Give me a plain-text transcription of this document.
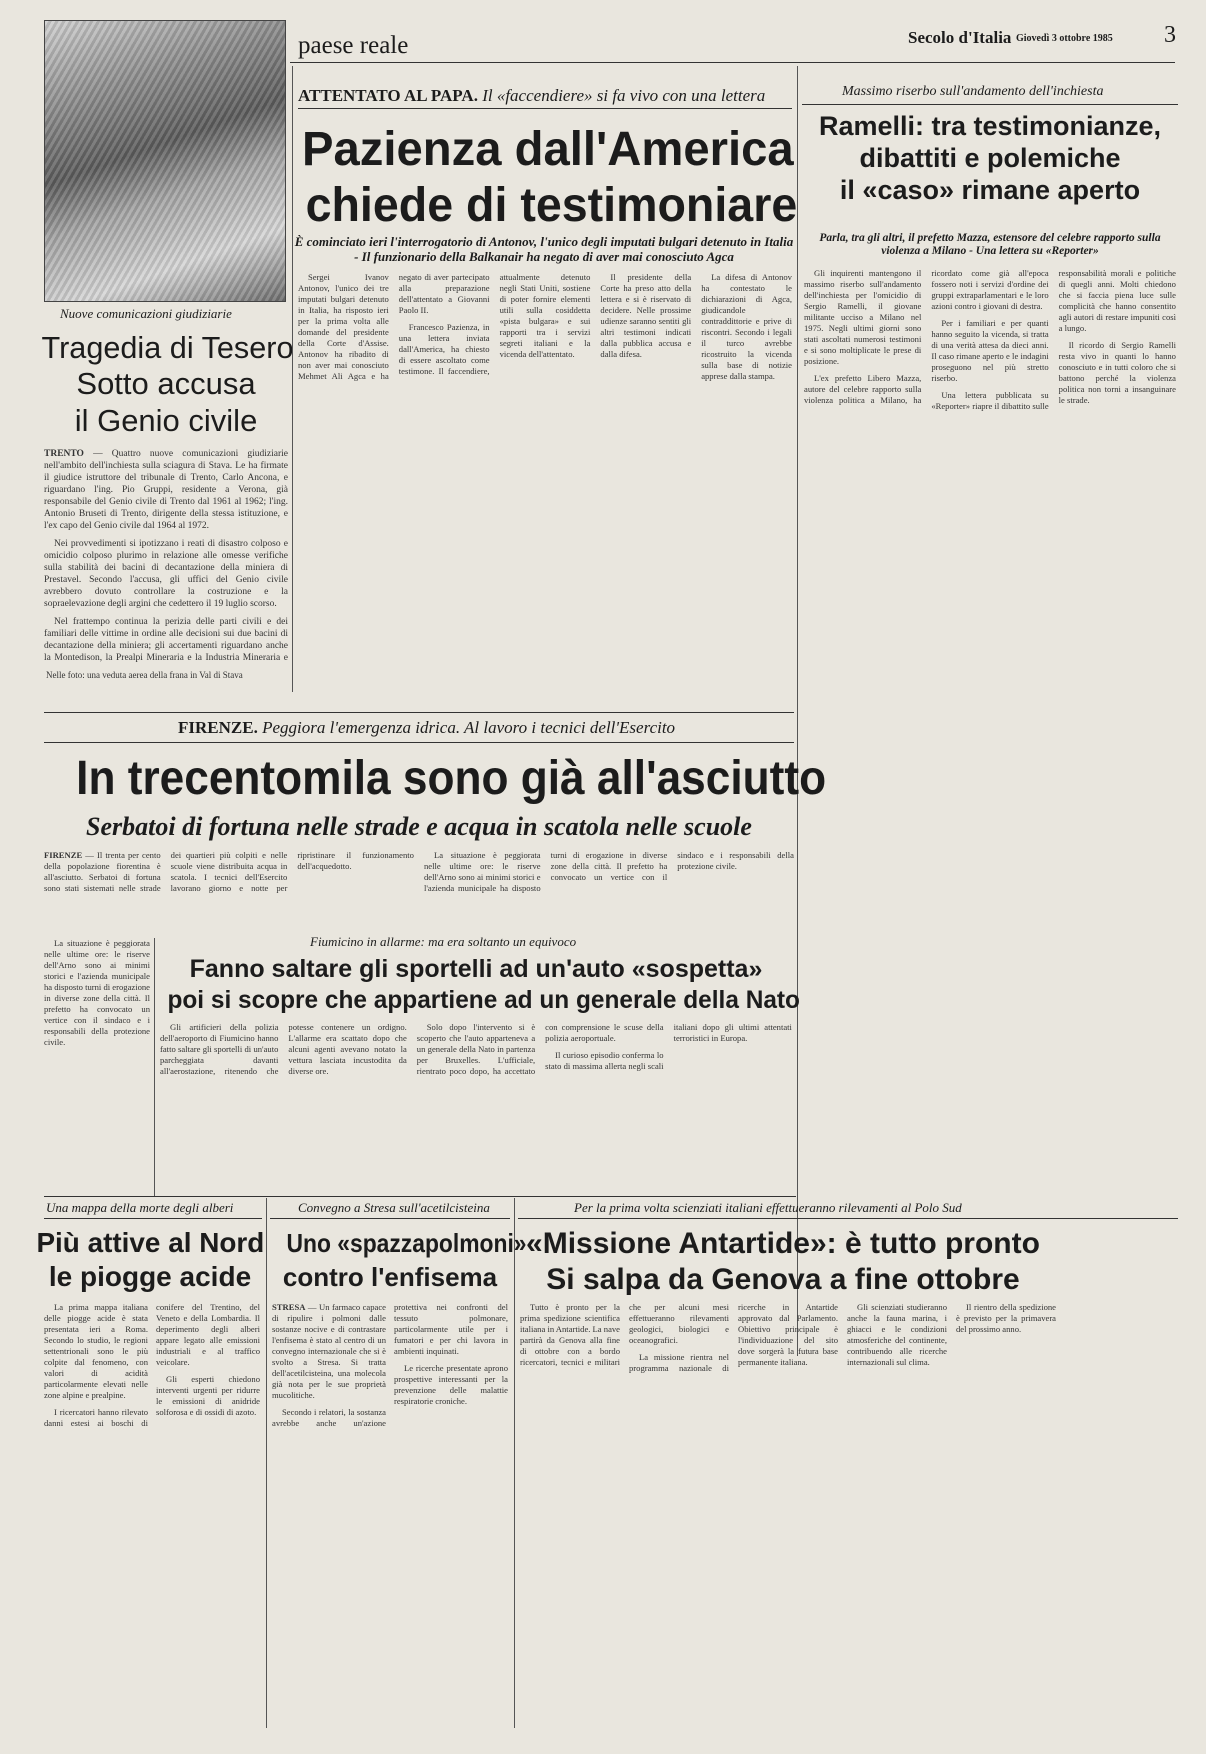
paese reale	Secolo d'Italia Giovedì 3 ottobre 1985 3
Nuove comunicazioni giudiziarie
Tragedia di Tesero
Sotto accusa
il Genio civile

TRENTO — Quattro nuove comunicazioni giudiziarie nell'ambito dell'inchiesta sulla sciagura di Stava. Le ha firmate il giudice istruttore del tribunale di Trento, Carlo Ancona, e riguardano l'ing. Pio Gruppi, residente a Verona, già responsabile del Genio civile di Trento dal 1961 al 1962; l'ing. Antonio Bruseti di Trento, dirigente della stessa istituzione, e l'ex capo del Genio civile dal 1964 al 1972.

Nei provvedimenti si ipotizzano i reati di disastro colposo e omicidio colposo plurimo in relazione alle omesse verifiche sulla stabilità dei bacini di decantazione della miniera di Prestavel. Secondo l'accusa, gli uffici del Genio civile avrebbero dovuto controllare la costruzione e la sopraelevazione degli argini che cedettero il 19 luglio scorso.

Nel frattempo continua la perizia delle parti civili e dei familiari delle vittime in ordine alle decisioni sui due bacini di decantazione della miniera; gli accertamenti riguardano anche la Montedison, la Prealpi Mineraria e la Industria Mineraria e

Nelle foto: una veduta aerea della frana in Val di Stava
ATTENTATO AL PAPA. Il «faccendiere» si fa vivo con una lettera
Pazienza dall'America
chiede di testimoniare
È cominciato ieri l'interrogatorio di Antonov, l'unico degli imputati bulgari detenuto in Italia - Il funzionario della Balkanair ha negato di aver mai conosciuto Agca

Sergei Ivanov Antonov, l'unico dei tre imputati bulgari detenuto in Italia, ha risposto ieri per la prima volta alle domande del presidente della Corte d'Assise. Antonov ha ribadito di non aver mai conosciuto Mehmet Ali Agca e ha negato di aver partecipato alla preparazione dell'attentato a Giovanni Paolo II.

Francesco Pazienza, in una lettera inviata dall'America, ha chiesto di essere ascoltato come testimone. Il faccendiere, attualmente detenuto negli Stati Uniti, sostiene di poter fornire elementi utili sulla cosiddetta «pista bulgara» e sui rapporti tra i servizi segreti italiani e la vicenda dell'attentato.

Il presidente della Corte ha preso atto della lettera e si è riservato di decidere. Nelle prossime udienze saranno sentiti gli altri testimoni indicati dalla pubblica accusa e dalla difesa.

La difesa di Antonov ha contestato le dichiarazioni di Agca, giudicandole contraddittorie e prive di riscontri. Secondo i legali il turco avrebbe ricostruito la vicenda sulla base di notizie apprese dalla stampa.

Massimo riserbo sull'andamento dell'inchiesta
Ramelli: tra testimonianze,
dibattiti e polemiche
il «caso» rimane aperto
Parla, tra gli altri, il prefetto Mazza, estensore del celebre rapporto sulla violenza a Milano - Una lettera su «Reporter»

Gli inquirenti mantengono il massimo riserbo sull'andamento dell'inchiesta per l'omicidio di Sergio Ramelli, il giovane militante ucciso a Milano nel 1975. Negli ultimi giorni sono stati ascoltati numerosi testimoni e si sono moltiplicate le prese di posizione.

L'ex prefetto Libero Mazza, autore del celebre rapporto sulla violenza politica a Milano, ha ricordato come già all'epoca fossero noti i servizi d'ordine dei gruppi extraparlamentari e le loro azioni contro i giovani di destra.

Per i familiari e per quanti hanno seguito la vicenda, si tratta di una verità attesa da dieci anni. Il caso rimane aperto e le indagini proseguono nel più stretto riserbo.

Una lettera pubblicata su «Reporter» riapre il dibattito sulle responsabilità morali e politiche di quegli anni. Molti chiedono che si faccia piena luce sulle complicità che hanno consentito agli autori di restare impuniti così a lungo.

Il ricordo di Sergio Ramelli resta vivo in quanti lo hanno conosciuto e in tutti coloro che si battono perché la violenza politica non torni a insanguinare le strade.

FIRENZE. Peggiora l'emergenza idrica. Al lavoro i tecnici dell'Esercito
In trecentomila sono già all'asciutto
Serbatoi di fortuna nelle strade e acqua in scatola nelle scuole

FIRENZE — Il trenta per cento della popolazione fiorentina è all'asciutto. Serbatoi di fortuna sono stati sistemati nelle strade dei quartieri più colpiti e nelle scuole viene distribuita acqua in scatola. I tecnici dell'Esercito lavorano giorno e notte per ripristinare il funzionamento dell'acquedotto.

La situazione è peggiorata nelle ultime ore: le riserve dell'Arno sono ai minimi storici e l'azienda municipale ha disposto turni di erogazione in diverse zone della città. Il prefetto ha convocato un vertice con il sindaco e i responsabili della protezione civile.

Fiumicino in allarme: ma era soltanto un equivoco
Fanno saltare gli sportelli ad un'auto «sospetta»
poi si scopre che appartiene ad un generale della Nato

Gli artificieri della polizia dell'aeroporto di Fiumicino hanno fatto saltare gli sportelli di un'auto parcheggiata davanti all'aerostazione, ritenendo che potesse contenere un ordigno. L'allarme era scattato dopo che alcuni agenti avevano notato la vettura lasciata incustodita da diverse ore.

Solo dopo l'intervento si è scoperto che l'auto apparteneva a un generale della Nato in partenza per Bruxelles. L'ufficiale, rientrato poco dopo, ha accettato con comprensione le scuse della polizia aeroportuale.

Il curioso episodio conferma lo stato di massima allerta negli scali italiani dopo gli ultimi attentati terroristici in Europa.

La situazione è peggiorata nelle ultime ore: le riserve dell'Arno sono ai minimi storici e l'azienda municipale ha disposto turni di erogazione in diverse zone della città. Il prefetto ha convocato un vertice con il sindaco e i responsabili della protezione civile.

Una mappa della morte degli alberi
Più attive al Nord
le piogge acide

La prima mappa italiana delle piogge acide è stata presentata ieri a Roma. Secondo lo studio, le regioni settentrionali sono le più colpite dal fenomeno, con valori di acidità particolarmente elevati nelle zone alpine e prealpine.

I ricercatori hanno rilevato danni estesi ai boschi di conifere del Trentino, del Veneto e della Lombardia. Il deperimento degli alberi appare legato alle emissioni industriali e al traffico veicolare.

Gli esperti chiedono interventi urgenti per ridurre le emissioni di anidride solforosa e di ossidi di azoto.

Convegno a Stresa sull'acetilcisteina
Uno «spazzapolmoni»
contro l'enfisema

STRESA — Un farmaco capace di ripulire i polmoni dalle sostanze nocive e di contrastare l'enfisema è stato al centro di un convegno internazionale che si è svolto a Stresa. Si tratta dell'acetilcisteina, una molecola già nota per le sue proprietà mucolitiche.

Secondo i relatori, la sostanza avrebbe anche un'azione protettiva nei confronti del tessuto polmonare, particolarmente utile per i fumatori e per chi lavora in ambienti inquinati.

Le ricerche presentate aprono prospettive interessanti per la prevenzione delle malattie respiratorie croniche.

Per la prima volta scienziati italiani effettueranno rilevamenti al Polo Sud
«Missione Antartide»: è tutto pronto
Si salpa da Genova a fine ottobre

Tutto è pronto per la prima spedizione scientifica italiana in Antartide. La nave partirà da Genova alla fine di ottobre con a bordo ricercatori, tecnici e militari che per alcuni mesi effettueranno rilevamenti geologici, biologici e oceanografici.

La missione rientra nel programma nazionale di ricerche in Antartide approvato dal Parlamento. Obiettivo principale è l'individuazione del sito dove sorgerà la futura base permanente italiana.

Gli scienziati studieranno anche la fauna marina, i ghiacci e le condizioni atmosferiche del continente, contribuendo alle ricerche internazionali sul clima.

Il rientro della spedizione è previsto per la primavera del prossimo anno.
